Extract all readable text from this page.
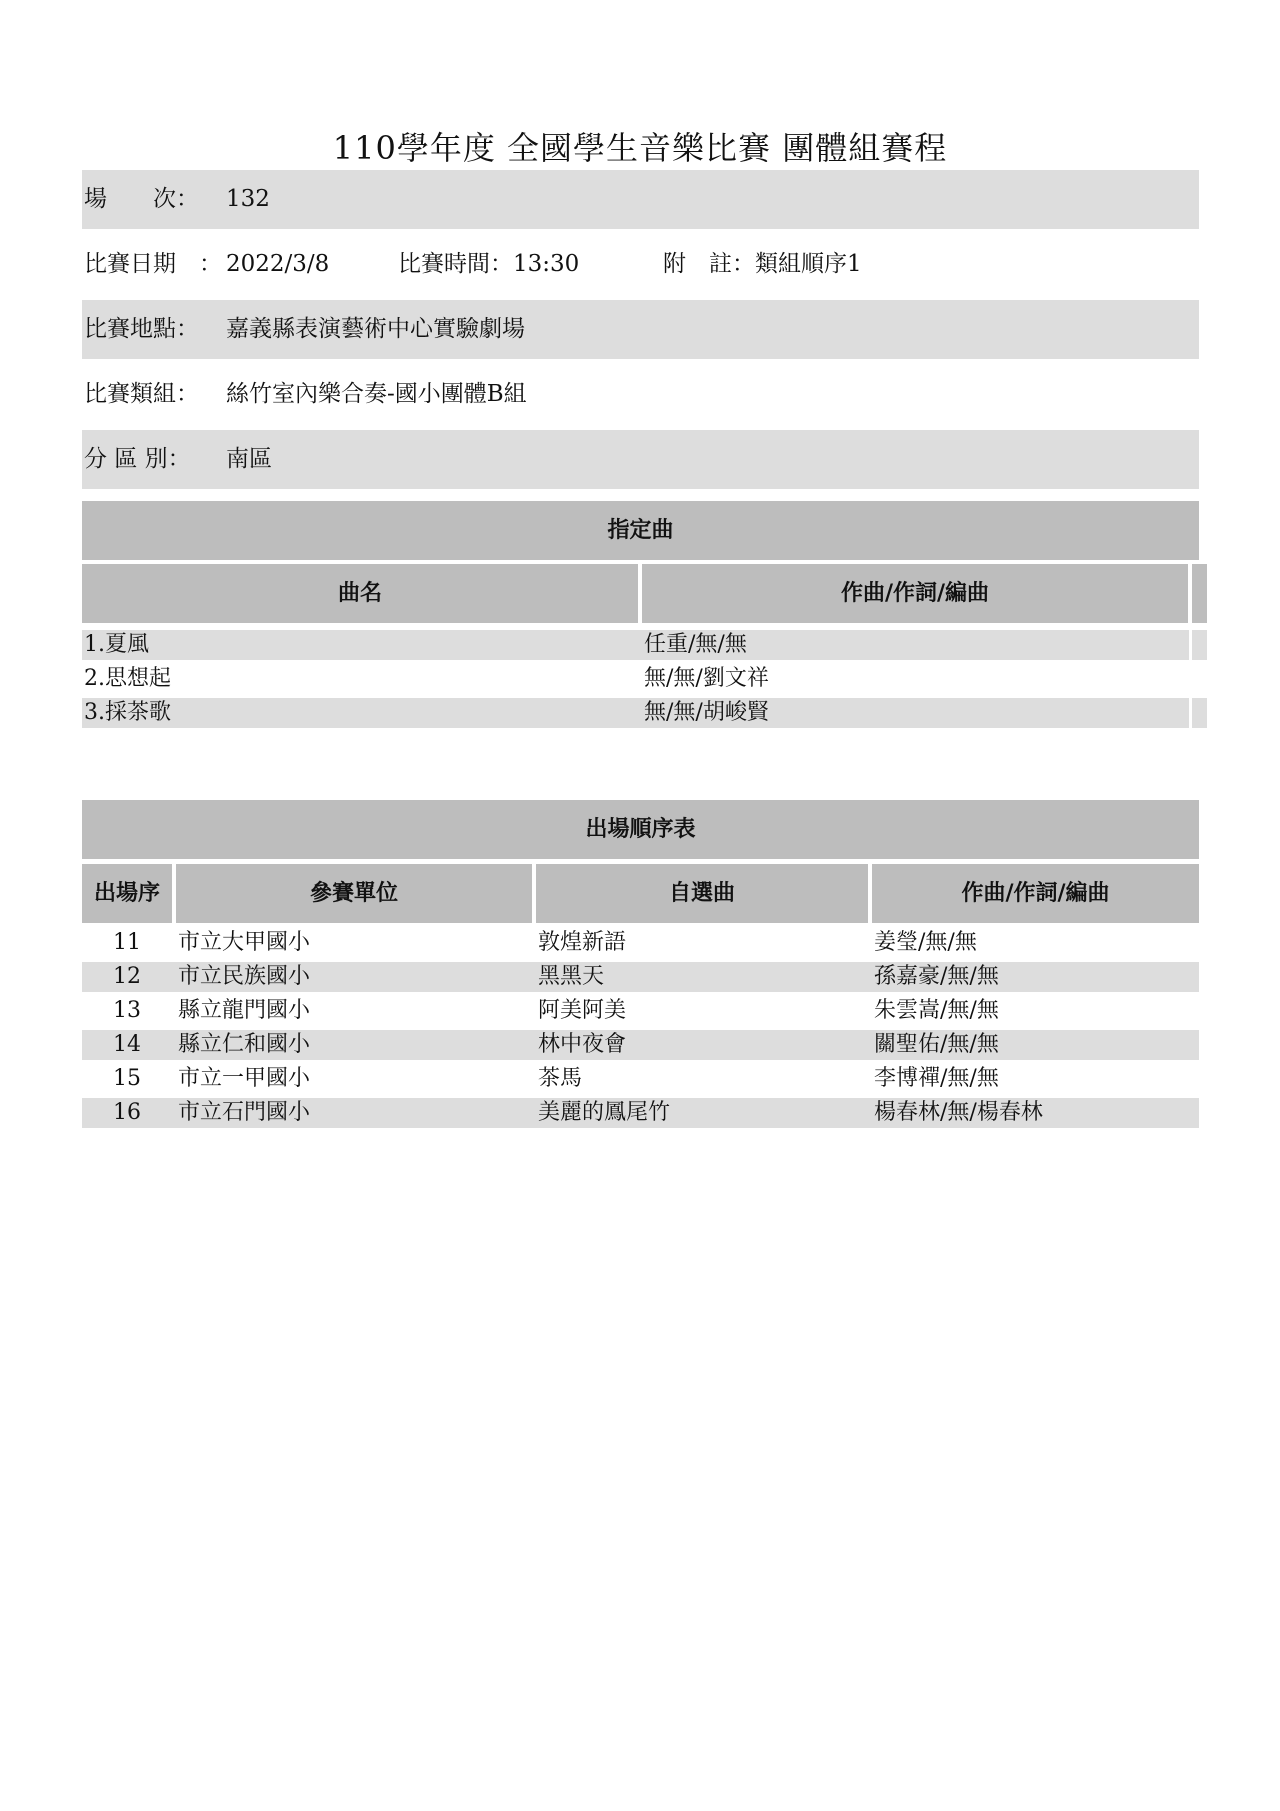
110學年度 全國學生音樂比賽 團體組賽程
場　　次： 132
比賽日期　： 2022/3/8	比賽時間：13:30	附　註：類組順序1
比賽地點： 嘉義縣表演藝術中心實驗劇場
比賽類組： 絲竹室內樂合奏-國小團體B組
分 區 別： 南區
指定曲
曲名	作曲/作詞/編曲
1.夏風	任重/無/無
2.思想起	無/無/劉文祥
3.採茶歌	無/無/胡峻賢
出場順序表
出場序	參賽單位	自選曲	作曲/作詞/編曲
11	市立大甲國小	敦煌新語	姜瑩/無/無
12	市立民族國小	黑黑天	孫嘉豪/無/無
13	縣立龍門國小	阿美阿美	朱雲嵩/無/無
14	縣立仁和國小	林中夜會	關聖佑/無/無
15	市立一甲國小	茶馬	李博禪/無/無
16	市立石門國小	美麗的鳳尾竹	楊春林/無/楊春林
